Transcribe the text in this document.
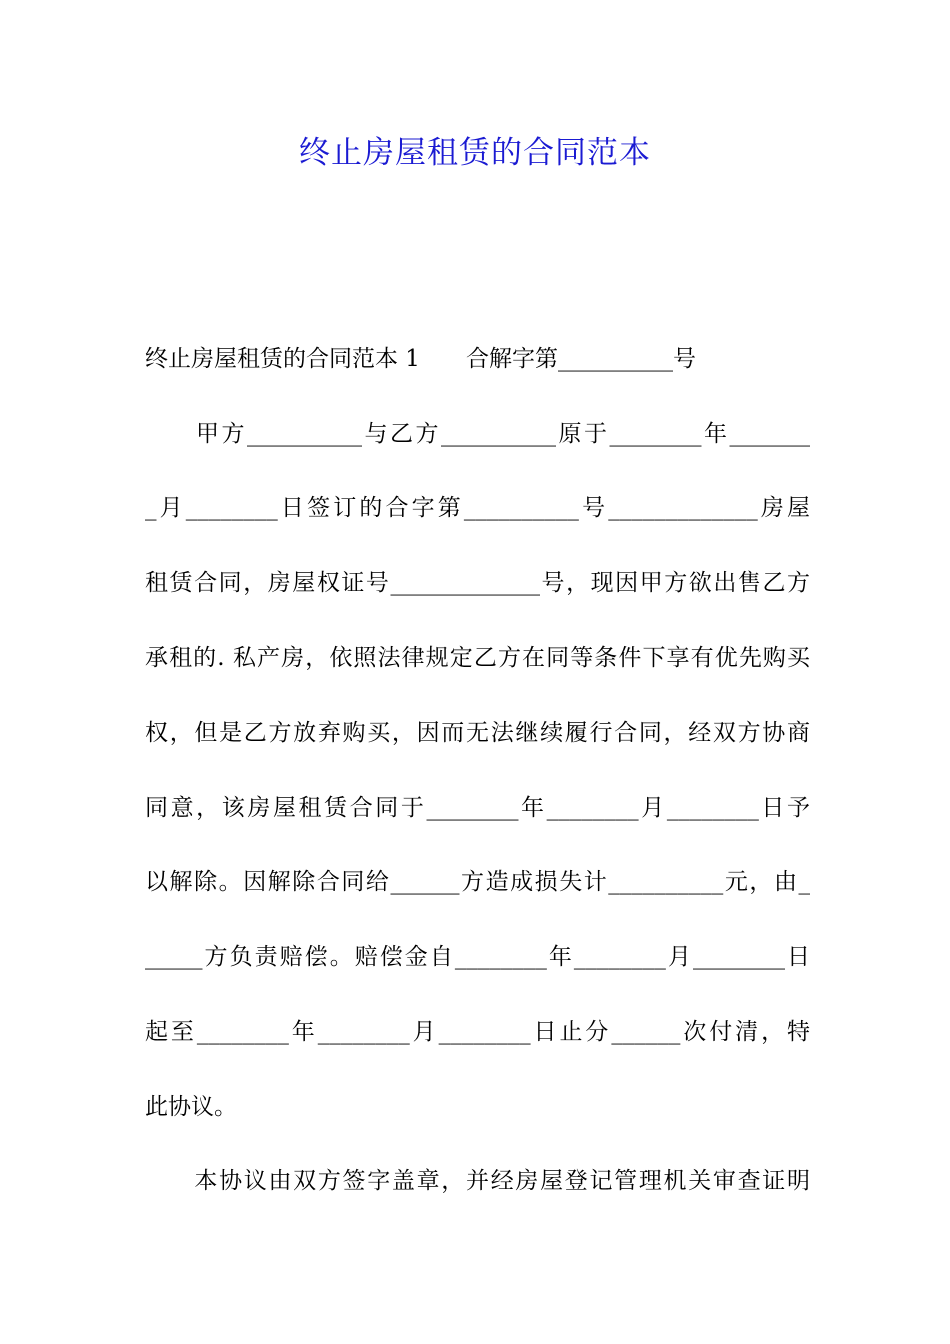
终止房屋租赁的合同范本

终止房屋租赁的合同范本 1　　合解字第__________号

　　甲方__________与乙方__________原于________年_______

_月________日签订的合字第__________号_____________房屋

租赁合同，房屋权证号_____________号，现因甲方欲出售乙方

承租的. 私产房，依照法律规定乙方在同等条件下享有优先购买

权，但是乙方放弃购买，因而无法继续履行合同，经双方协商

同意，该房屋租赁合同于________年________月________日予

以解除。因解除合同给______方造成损失计__________元，由_

_____方负责赔偿。赔偿金自________年________月________日

起至________年________月________日止分______次付清，特

此协议。

　　本协议由双方签字盖章，并经房屋登记管理机关审查证明
